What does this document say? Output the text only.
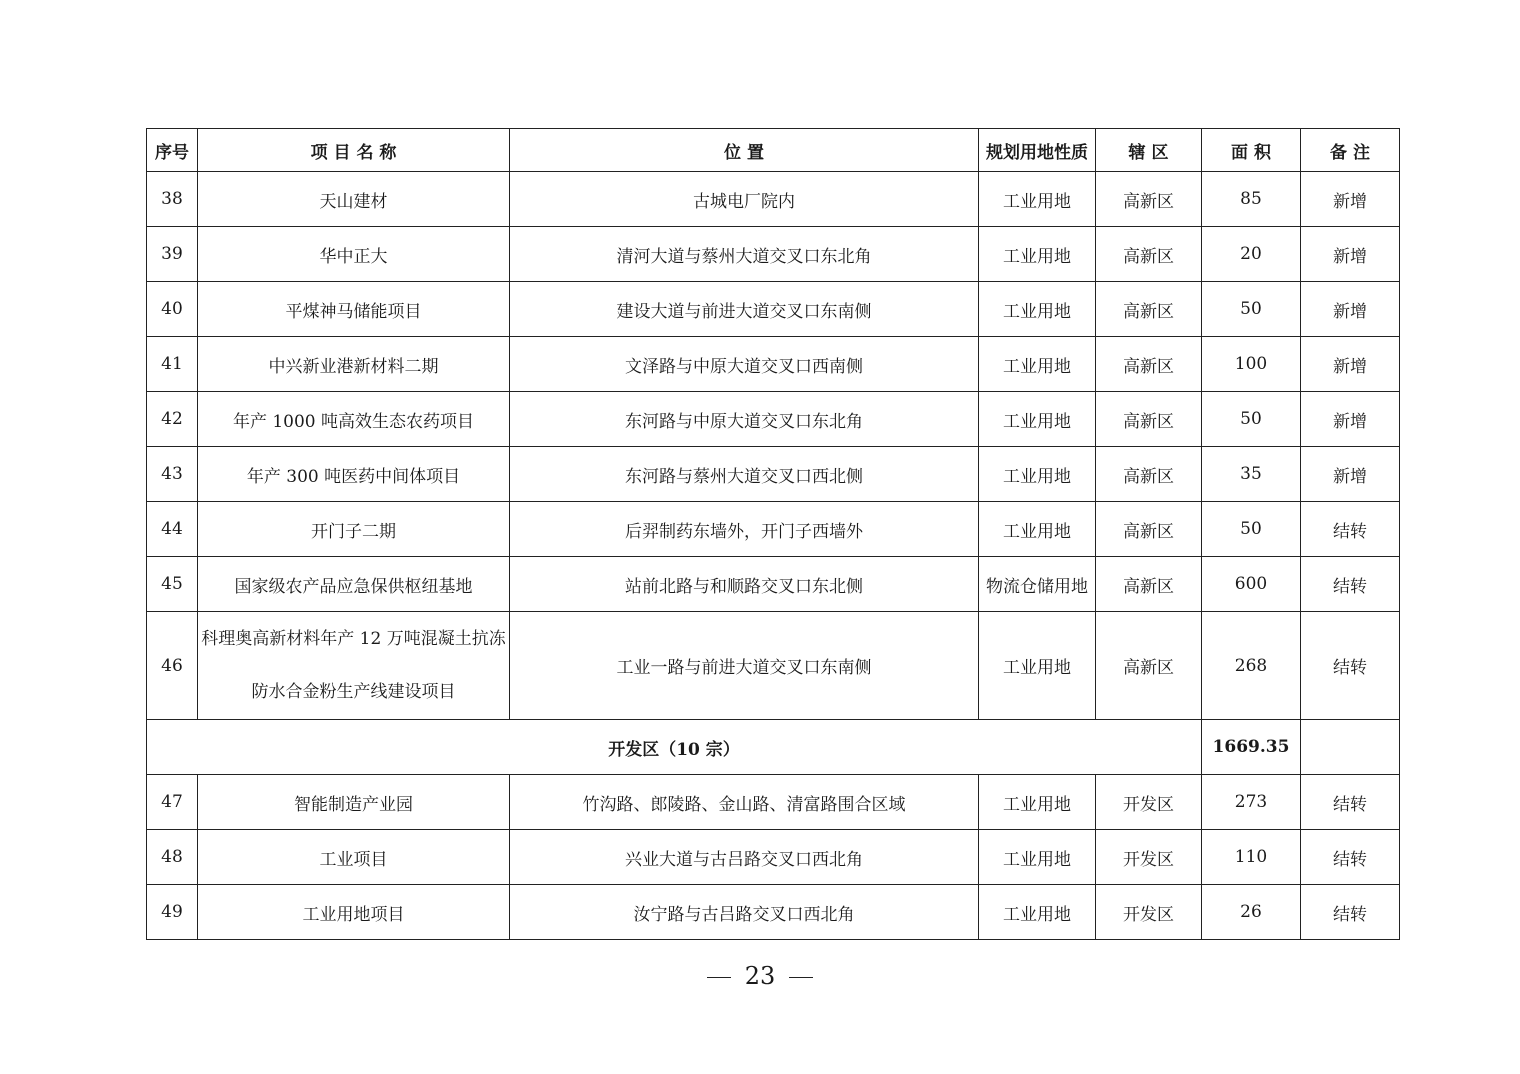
序号	项 目 名 称	位 置	规划用地性质	辖 区	面 积	备 注
38	天山建材	古城电厂院内	工业用地	高新区	85	新增
39	华中正大	清河大道与蔡州大道交叉口东北角	工业用地	高新区	20	新增
40	平煤神马储能项目	建设大道与前进大道交叉口东南侧	工业用地	高新区	50	新增
41	中兴新业港新材料二期	文泽路与中原大道交叉口西南侧	工业用地	高新区	100	新增
42	年产 1000 吨高效生态农药项目	东河路与中原大道交叉口东北角	工业用地	高新区	50	新增
43	年产 300 吨医药中间体项目	东河路与蔡州大道交叉口西北侧	工业用地	高新区	35	新增
44	开门子二期	后羿制药东墙外，开门子西墙外	工业用地	高新区	50	结转
45	国家级农产品应急保供枢纽基地	站前北路与和顺路交叉口东北侧	物流仓储用地	高新区	600	结转
46	科理奥高新材料年产 12 万吨混凝土抗冻防水合金粉生产线建设项目	工业一路与前进大道交叉口东南侧	工业用地	高新区	268	结转
开发区（10 宗）					1669.35	
47	智能制造产业园	竹沟路、郎陵路、金山路、清富路围合区域	工业用地	开发区	273	结转
48	工业项目	兴业大道与古吕路交叉口西北角	工业用地	开发区	110	结转
49	工业用地项目	汝宁路与古吕路交叉口西北角	工业用地	开发区	26	结转
23
